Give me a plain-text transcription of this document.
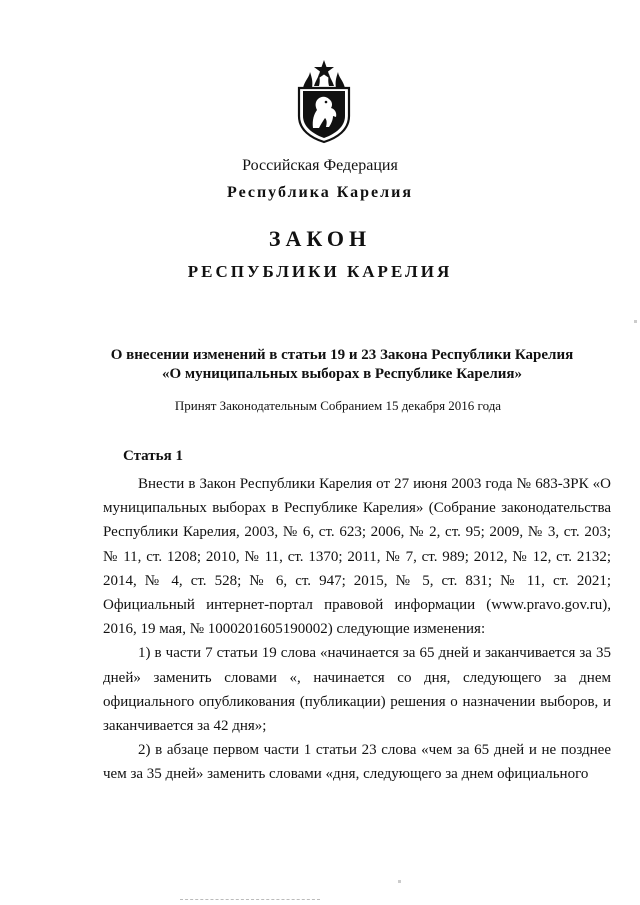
Российская Федерация
Республика Карелия
ЗАКОН
РЕСПУБЛИКИ КАРЕЛИЯ
О внесении изменений в статьи 19 и 23 Закона Республики Карелия
«О муниципальных выборах в Республике Карелия»
Принят Законодательным Собранием 15 декабря 2016 года
Статья 1

Внести в Закон Республики Карелия от 27 июня 2003 года № 683-ЗРК «О муниципальных выборах в Республике Карелия» (Собрание законодательства Республики Карелия, 2003, № 6, ст. 623; 2006, № 2, ст. 95; 2009, № 3, ст. 203; № 11, ст. 1208; 2010, № 11, ст. 1370; 2011, № 7, ст. 989; 2012, № 12, ст. 2132; 2014, № 4, ст. 528; № 6, ст. 947; 2015, № 5, ст. 831; № 11, ст. 2021; Официальный интернет-портал правовой информации (www.pravo.gov.ru), 2016, 19 мая, № 1000201605190002) следующие изменения:

1) в части 7 статьи 19 слова «начинается за 65 дней и заканчивается за 35 дней» заменить словами «, начинается со дня, следующего за днем официального опубликования (публикации) решения о назначении выборов, и заканчивается за 42 дня»;

2) в абзаце первом части 1 статьи 23 слова «чем за 65 дней и не позднее чем за 35 дней» заменить словами «дня, следующего за днем официального
